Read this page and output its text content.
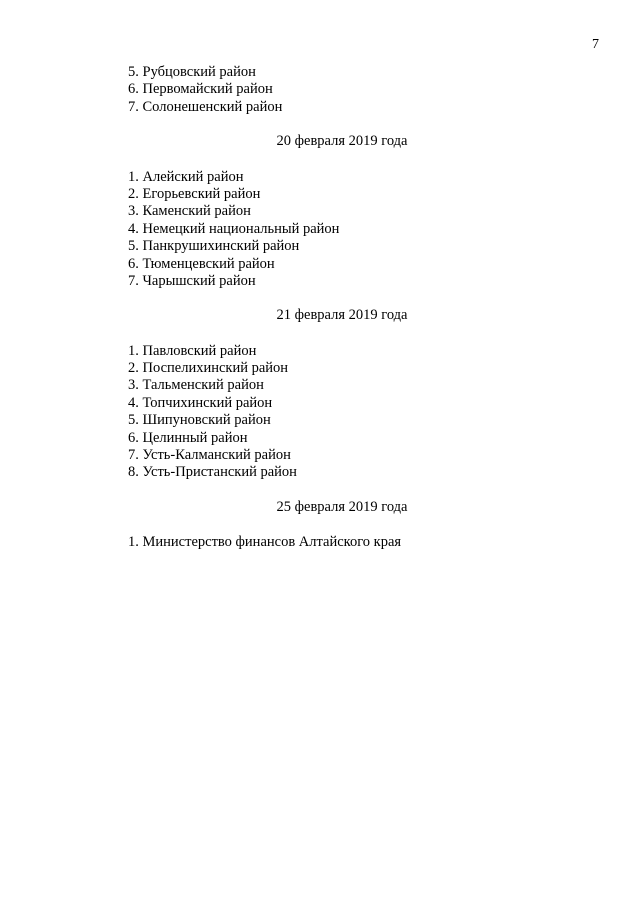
7
5. Рубцовский район
6. Первомайский район
7. Солонешенский район
20 февраля 2019 года
1. Алейский район
2. Егорьевский район
3. Каменский район
4. Немецкий национальный район
5. Панкрушихинский район
6. Тюменцевский район
7. Чарышский район
21 февраля 2019 года
1. Павловский район
2. Поспелихинский район
3. Тальменский район
4. Топчихинский район
5. Шипуновский район
6. Целинный район
7. Усть-Калманский район
8. Усть-Пристанский район
25 февраля 2019 года
1. Министерство финансов Алтайского края
